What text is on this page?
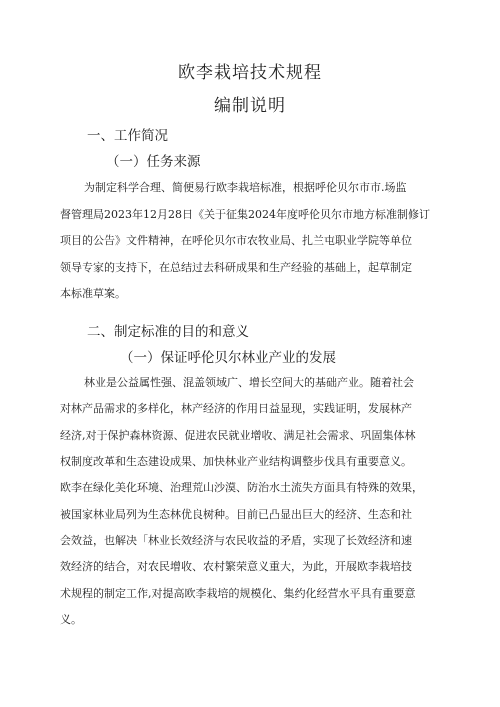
欧李栽培技术规程
编制说明
一、工作简况
（一）任务来源
为制定科学合理、简便易行欧李栽培标准，根据呼伦贝尔市市.场监
督管理局2023年12月28日《关于征集2024年度呼伦贝尔市地方标准制修订
项目的公告》文件精神，在呼伦贝尔市农牧业局、扎兰屯职业学院等单位
领导专家的支持下，在总结过去科研成果和生产经验的基础上，起草制定
本标准草案。
二、制定标准的目的和意义
（一）保证呼伦贝尔林业产业的发展
林业是公益属性强、混盖领域广、增长空间大的基础产业。随着社会
对林产品需求的多样化，林产经济的作用日益显现，实践证明，发展林产
经济,对于保护森林资源、促进农民就业增收、满足社会需求、巩固集体林
权制度改革和生态建设成果、加快林业产业结构调整步伐具有重要意义。
欧李在绿化美化环境、治理荒山沙漠、防治水土流失方面具有特殊的效果，
被国家林业局列为生态林优良树种。目前已凸显出巨大的经济、生态和社
会效益，也解决「林业长效经济与农民收益的矛盾，实现了长效经济和速
效经济的结合，对农民增收、农村繁荣意义重大，为此，开展欧李栽培技
术规程的制定工作,对提高欧李栽培的规模化、集约化经营水平具有重要意
义。
